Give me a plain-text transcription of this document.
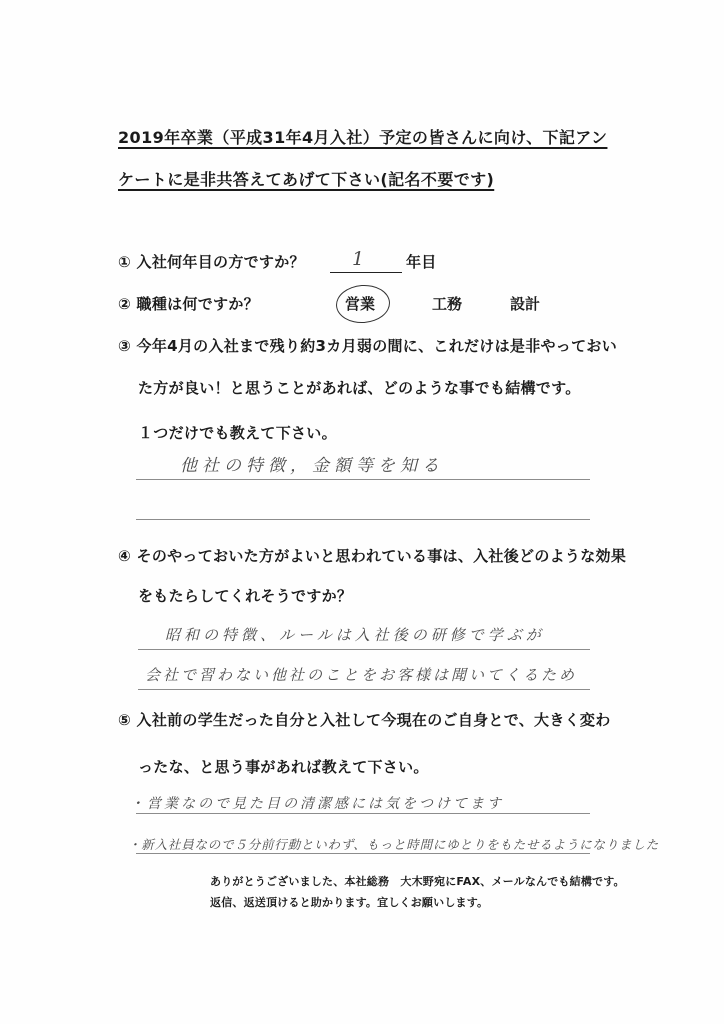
2019年卒業（平成31年4月入社）予定の皆さんに向け、下記アン
ケートに是非共答えてあげて下さい(記名不要です)
① 入社何年目の方ですか？ 1	年目
② 職種は何ですか？	営業	工務	設計
③ 今年4月の入社まで残り約3カ月弱の間に、これだけは是非やっておい
た方が良い！と思うことがあれば、どのような事でも結構です。
１つだけでも教えて下さい。
他社の特徴，金額等を知る
④ そのやっておいた方がよいと思われている事は、入社後どのような効果
をもたらしてくれそうですか？
昭和の特徴、ルールは入社後の研修で学ぶが
会社で習わない他社のことをお客様は聞いてくるため
⑤ 入社前の学生だった自分と入社して今現在のご自身とで、大きく変わ
ったな、と思う事があれば教えて下さい。
・営業なので見た目の清潔感には気をつけてます
・新入社員なので５分前行動といわず、もっと時間にゆとりをもたせるようになりました
ありがとうございました、本社総務　大木野宛にFAX、メールなんでも結構です。
返信、返送頂けると助かります。宜しくお願いします。
